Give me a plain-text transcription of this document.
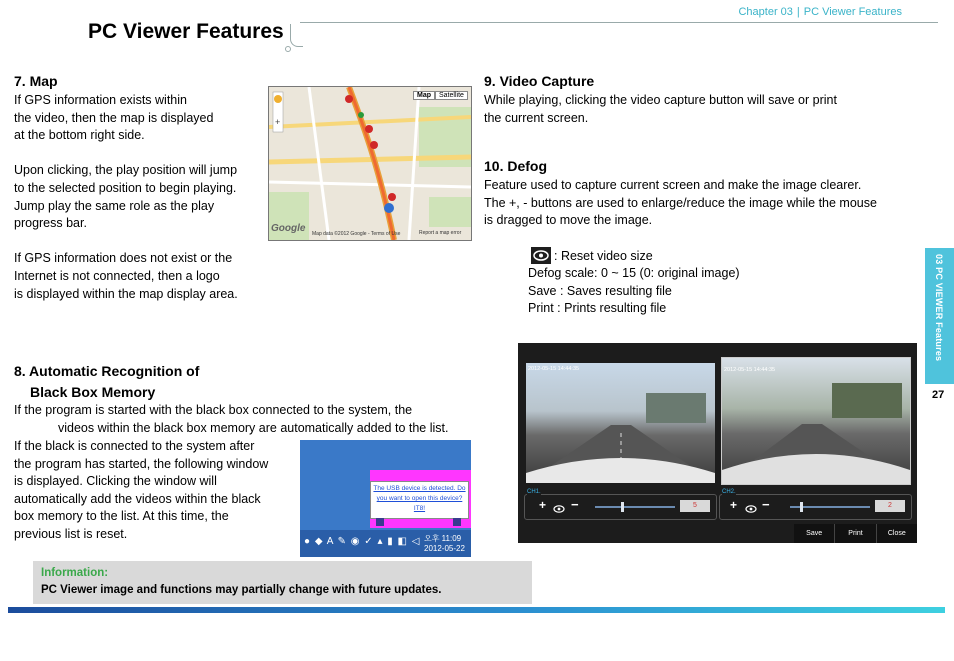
Chapter 03 | PC Viewer Features
PC Viewer Features
03 PC VIEWER Features
27
7. Map
If GPS information exists within
the video, then the map is displayed
at the bottom right side.
Upon clicking, the play position will jump
to the selected position to begin playing.
Jump play the same role as the play
progress bar.
If GPS information does not exist or the
Internet is not connected, then a logo
is displayed within the map display area.
+
Map	Satellite
Google Map data ©2012 Google - Terms of Use	Report a map error
8. Automatic Recognition of
Black Box Memory
If the program is started with the black box connected to the system, the
videos within the black box memory are automatically added to the list.
If the black is connected to the system after
the program has started, the following window
is displayed. Clicking the window will
automatically add the videos within the black
box memory to the list. At this time, the
previous list is reset.
The USB device is detected. Do
you want to open this device?
IT8!
● ◆ A ✎ ◉ ✓ ▴ ▮ ◧ ◁ 오후 11:09
2012-05-22
9. Video Capture
While playing, clicking the video capture button will save or print
the current screen.
10. Defog
Feature used to capture current screen and make the image clearer.
The +, - buttons are used to enlarge/reduce the image while the mouse
is dragged to move the image.
: Reset video size
Defog scale: 0 ~ 15 (0: original image)
Save : Saves resulting file
Print : Prints resulting file
2012-05-15 14:44:35	2012-05-15 14:44:35
CH1.
+ −	5
CH2.
+ −	2
Save	Print	Close
Information:
PC Viewer image and functions may partially change with future updates.
